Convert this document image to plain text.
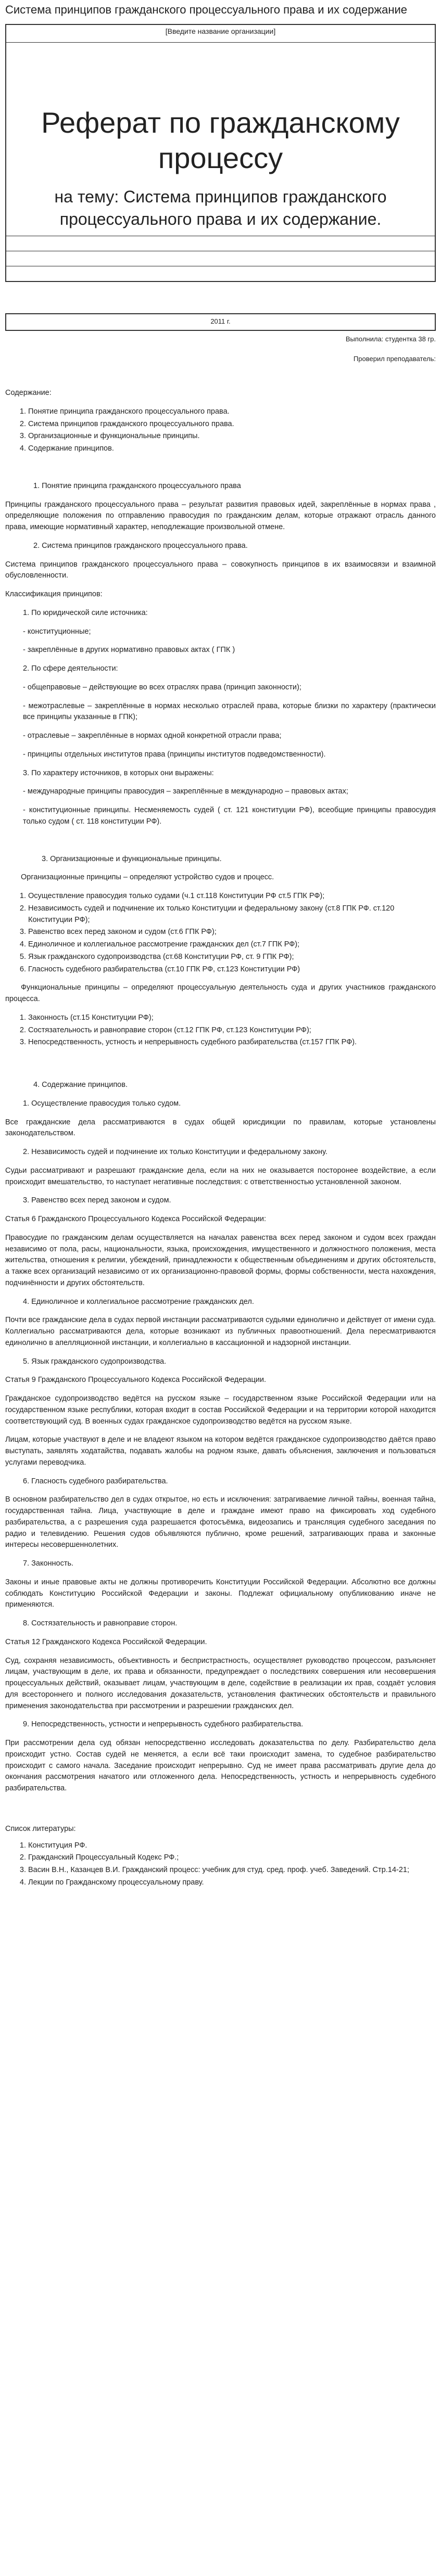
Система принципов гражданского процессуального права и их содержание
[Введите название организации]
Реферат по гражданскому процессу
на тему: Система принципов гражданского процессуального права и их содержание.
2011 г.
Выполнила: студентка 38 гр.
Проверил преподаватель:
Содержание:
1. Понятие принципа гражданского процессуального права.
2. Система принципов гражданского процессуального права.
3. Организационные и функциональные принципы.
4. Содержание принципов.
1. Понятие принципа гражданского процессуального права

Принципы гражданского процессуального права – результат развития правовых идей, закреплённые в нормах права , определяющие положения по отправлению правосудия по гражданским делам, которые отражают отрасль данного права, имеющие нормативный характер, неподлежащие произвольной отмене.

2. Система принципов гражданского процессуального права.

Система принципов гражданского процессуального права – совокупность принципов в их взаимосвязи и взаимной обусловленности.

Классификация принципов:

1. По юридической силе источника:
- конституционные;
- закреплённые в других нормативно правовых актах ( ГПК )
2. По сфере деятельности:
- общеправовые – действующие во всех отраслях права (принцип законности);
- межотраслевые – закреплённые в нормах несколько отраслей права, которые близки по характеру (практически все принципы указанные в ГПК);
- отраслевые – закреплённые в нормах одной конкретной отрасли права;
- принципы отдельных институтов права (принципы институтов подведомственности).
3. По характеру источников, в которых они выражены:
- международные принципы правосудия – закреплённые в международно – правовых актах;
- конституционные принципы. Несменяемость судей ( ст. 121 конституции РФ), всеобщие принципы правосудия только судом ( ст. 118 конституции РФ).
3. Организационные и функциональные принципы.

Организационные принципы – определяют устройство судов и процесс.

1. Осуществление правосудия только судами (ч.1 ст.118 Конституции РФ ст.5 ГПК РФ);
2. Независимость судей и подчинение их только Конституции и федеральному закону (ст.8 ГПК РФ. ст.120 Конституции РФ);
3. Равенство всех перед законом и судом (ст.6 ГПК РФ);
4. Единоличное и коллегиальное рассмотрение гражданских дел (ст.7 ГПК РФ);
5. Язык гражданского судопроизводства (ст.68 Конституции РФ, ст. 9 ГПК РФ);
6. Гласность судебного разбирательства (ст.10 ГПК РФ, ст.123 Конституции РФ)

Функциональные принципы – определяют процессуальную деятельность суда и других участников гражданского процесса.

1. Законность (ст.15 Конституции РФ);
2. Состязательность и равноправие сторон (ст.12 ГПК РФ, ст.123 Конституции РФ);
3. Непосредственность, устность и непрерывность судебного разбирательства (ст.157 ГПК РФ).
4. Содержание принципов.
1. Осуществление правосудия только судом.

Все гражданские дела рассматриваются в судах общей юрисдикции по правилам, которые установлены законодательством.

2. Независимость судей и подчинение их только Конституции и федеральному закону.

Судьи рассматривают и разрешают гражданские дела, если на них не оказывается посторонее воздействие, а если происходит вмешательство, то наступает негативные последствия: с ответственностью установленной законом.

3. Равенство всех перед законом и судом.

Статья 6 Гражданского Процессуального Кодекса Российской Федерации:

Правосудие по гражданским делам осуществляется на началах равенства всех перед законом и судом всех граждан независимо от пола, расы, национальности, языка, происхождения, имущественного и должностного положения, места жительства, отношения к религии, убеждений, принадлежности к общественным объединениям и других обстоятельств, а также всех организаций независимо от их организационно-правовой формы, формы собственности, места нахождения, подчинённости и других обстоятельств.

4. Единоличное и коллегиальное рассмотрение гражданских дел.

Почти все гражданские дела в судах первой инстанции рассматриваются судьями единолично и действует от имени суда. Коллегиально рассматриваются дела, которые возникают из публичных правоотношений. Дела пересматриваются единолично в апелляционной инстанции, и коллегиально в кассационной и надзорной инстанции.

5. Язык гражданского судопроизводства.

Статья 9 Гражданского Процессуального Кодекса Российской Федерации.

Гражданское судопроизводство ведётся на русском языке – государственном языке Российской Федерации или на государственном языке республики, которая входит в состав Российской Федерации и на территории которой находится соответствующий суд. В военных судах гражданское судопроизводство ведётся на русском языке.

Лицам, которые участвуют в деле и не владеют языком на котором ведётся гражданское судопроизводство даётся право выступать, заявлять ходатайства, подавать жалобы на родном языке, давать объяснения, заключения и пользоваться услугами переводчика.

6. Гласность судебного разбирательства.

В основном разбирательство дел в судах открытое, но есть и исключения: затрагиваемие личной тайны, военная тайна, государственная тайна. Лица, участвующие в деле и граждане имеют право на фиксировать ход судебного разбирательства, а с разрешения суда разрешается фотосъёмка, видеозапись и трансляция судебного заседания по радио и телевидению. Решения судов объявляются публично, кроме решений, затрагивающих права и законные интересы несовершеннолетних.

7. Законность.

Законы и иные правовые акты не должны противоречить Конституции Российской Федерации. Абсолютно все должны соблюдать Конституцию Российской Федерации и законы. Подлежат официальному опубликованию иначе не применяются.

8. Состязательность и равноправие сторон.

Статья 12 Гражданского Кодекса Российской Федерации.

Суд, сохраняя независимость, объективность и беспристрастность, осуществляет руководство процессом, разъясняет лицам, участвующим в деле, их права и обязанности, предупреждает о последствиях совершения или несовершения процессуальных действий, оказывает лицам, участвующим в деле, содействие в реализации их прав, создаёт условия для всестороннего и полного исследования доказательств, установления фактических обстоятельств и правильного применения законодательства при рассмотрении и разрешении гражданских дел.

9. Непосредственность, устности и непрерывность судебного разбирательства.

При рассмотрении дела суд обязан непосредственно исследовать доказательства по делу. Разбирательство дела происходит устно. Состав судей не меняется, а если всё таки происходит замена, то судебное разбирательство происходит с самого начала. Заседание происходит непрерывно. Суд не имеет права рассматривать другие дела до окончания рассмотрения начатого или отложенного дела. Непосредственность, устность и непрерывность судебного разбирательства.

Список литературы:
1. Конституция РФ.
2. Гражданский Процессуальный Кодекс РФ.;
3. Васин В.Н., Казанцев В.И. Гражданский процесс: учебник для студ. сред. проф. учеб. Заведений. Стр.14-21;
4. Лекции по Гражданскому процессуальному праву.
